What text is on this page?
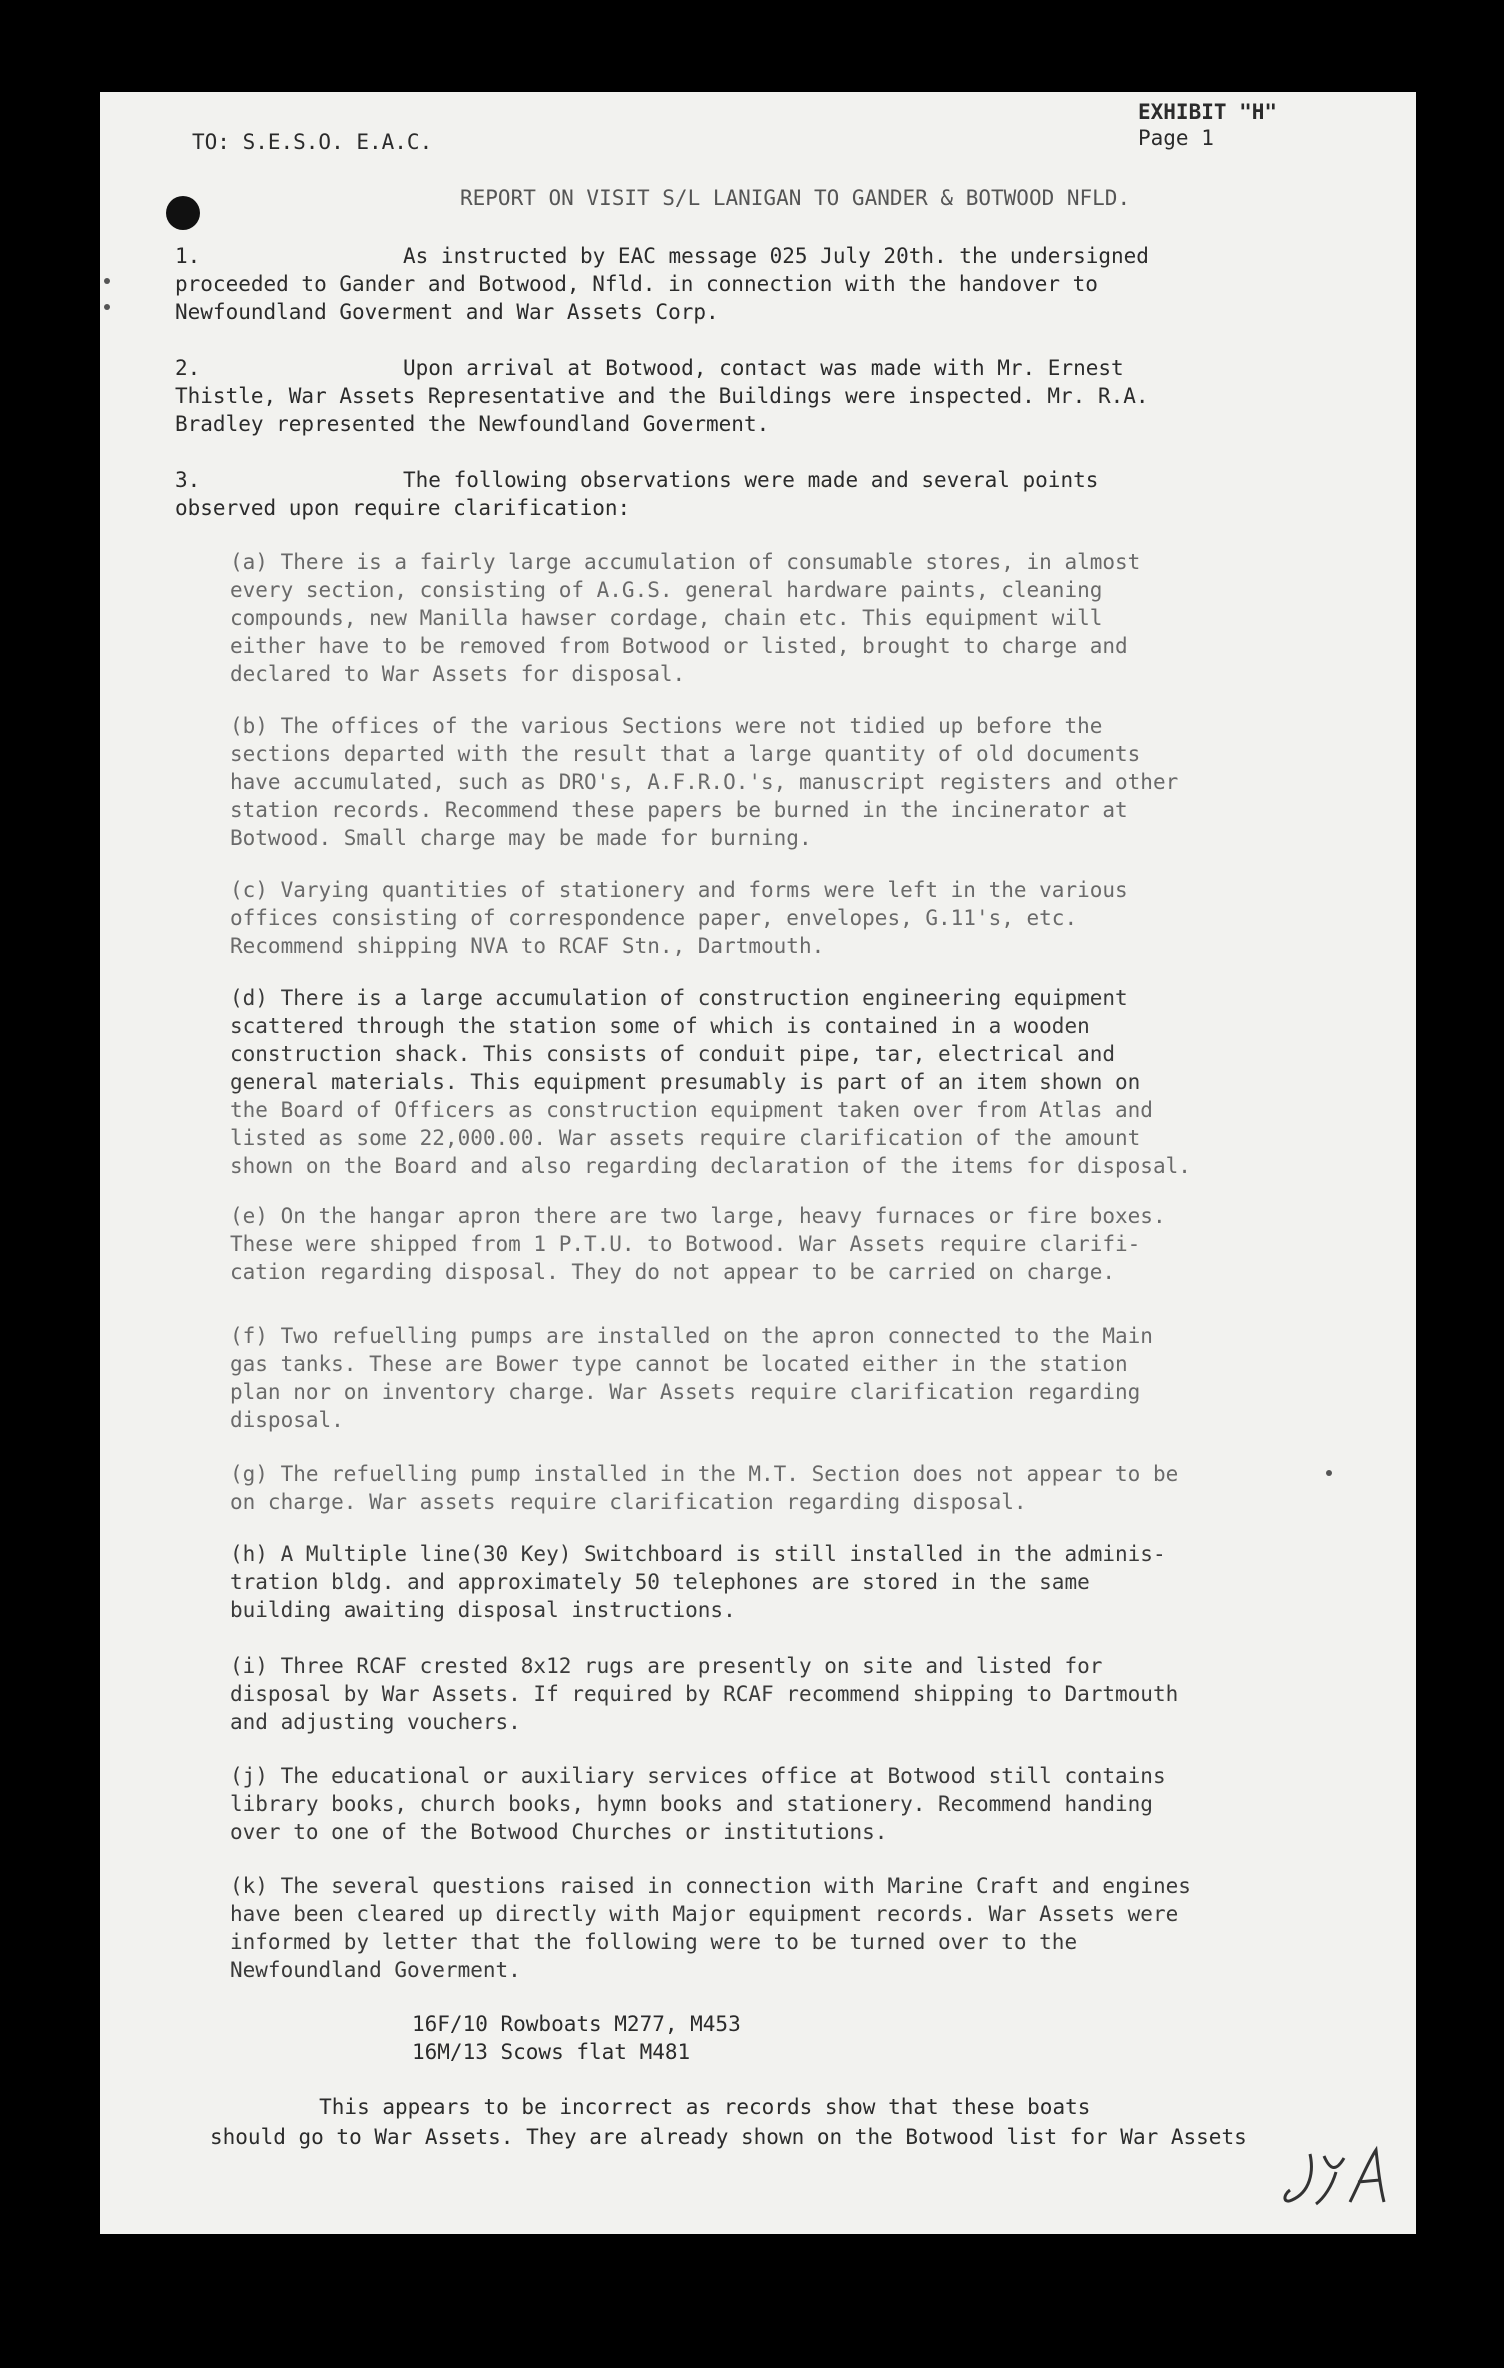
TO: S.E.S.O. E.A.C.
EXHIBIT "H"
Page 1
REPORT ON VISIT S/L LANIGAN TO GANDER & BOTWOOD NFLD.
1.	As instructed by EAC message 025 July 20th. the undersigned
proceeded to Gander and Botwood, Nfld. in connection with the handover to
Newfoundland Goverment and War Assets Corp.
2.	Upon arrival at Botwood, contact was made with Mr. Ernest
Thistle, War Assets Representative and the Buildings were inspected. Mr. R.A.
Bradley represented the Newfoundland Goverment.
3.	The following observations were made and several points
observed upon require clarification:
(a) There is a fairly large accumulation of consumable stores, in almost
every section, consisting of A.G.S. general hardware paints, cleaning
compounds, new Manilla hawser cordage, chain etc. This equipment will
either have to be removed from Botwood or listed, brought to charge and
declared to War Assets for disposal.
(b) The offices of the various Sections were not tidied up before the
sections departed with the result that a large quantity of old documents
have accumulated, such as DRO's, A.F.R.O.'s, manuscript registers and other
station records. Recommend these papers be burned in the incinerator at
Botwood. Small charge may be made for burning.
(c) Varying quantities of stationery and forms were left in the various
offices consisting of correspondence paper, envelopes, G.11's, etc.
Recommend shipping NVA to RCAF Stn., Dartmouth.
(d) There is a large accumulation of construction engineering equipment
scattered through the station some of which is contained in a wooden
construction shack. This consists of conduit pipe, tar, electrical and
general materials. This equipment presumably is part of an item shown on
the Board of Officers as construction equipment taken over from Atlas and
listed as some 22,000.00. War assets require clarification of the amount
shown on the Board and also regarding declaration of the items for disposal.
(e) On the hangar apron there are two large, heavy furnaces or fire boxes.
These were shipped from 1 P.T.U. to Botwood. War Assets require clarifi-
cation regarding disposal. They do not appear to be carried on charge.
(f) Two refuelling pumps are installed on the apron connected to the Main
gas tanks. These are Bower type cannot be located either in the station
plan nor on inventory charge. War Assets require clarification regarding
disposal.
(g) The refuelling pump installed in the M.T. Section does not appear to be
on charge. War assets require clarification regarding disposal.
(h) A Multiple line(30 Key) Switchboard is still installed in the adminis-
tration bldg. and approximately 50 telephones are stored in the same
building awaiting disposal instructions.
(i) Three RCAF crested 8x12 rugs are presently on site and listed for
disposal by War Assets. If required by RCAF recommend shipping to Dartmouth
and adjusting vouchers.
(j) The educational or auxiliary services office at Botwood still contains
library books, church books, hymn books and stationery. Recommend handing
over to one of the Botwood Churches or institutions.
(k) The several questions raised in connection with Marine Craft and engines
have been cleared up directly with Major equipment records. War Assets were
informed by letter that the following were to be turned over to the
Newfoundland Goverment.
16F/10 Rowboats M277, M453
16M/13 Scows flat M481
This appears to be incorrect as records show that these boats
should go to War Assets. They are already shown on the Botwood list for War Assets
